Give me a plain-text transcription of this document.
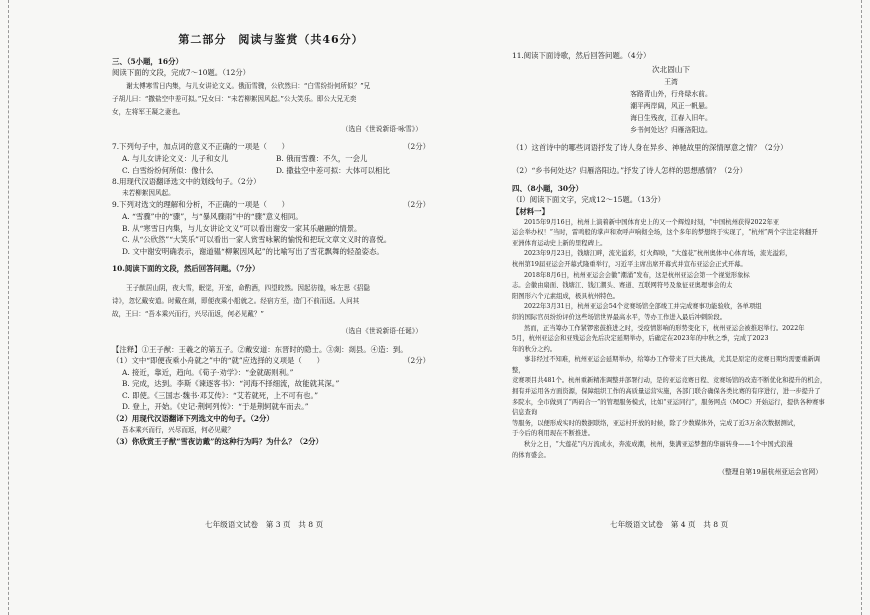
第二部分　阅读与鉴赏（共46分）

三、（5小题，16分）

阅读下面的文段，完成7～10题。（12分）

谢太傅寒雪日内集，与儿女讲论文义。俄而雪骤，公欣然曰：“白雪纷纷何所似？”兄

子胡儿曰：“撒盐空中差可拟。”兄女曰：“未若柳絮因风起。”公大笑乐。即公大兄无奕

女，左将军王凝之妻也。

（选自《世说新语·咏雪》）

7.下列句子中，加点词的意义不正确的一项是（　　）	（2分）

A. 与儿女讲论文义：儿子和女儿	B. 俄而雪骤：不久，一会儿
C. 白雪纷纷何所似：像什么	D. 撒盐空中差可拟：大体可以相比

8.用现代汉语翻译选文中的划线句子。（2分）

未若柳絮因风起。

9.下列对选文的理解和分析，不正确的一项是（　　）	（2分）

A. “雪骤”中的“骤”，与“暴风骤雨”中的“骤”意义相同。

B. 从“寒雪日内集，与儿女讲论文义”可以看出谢安一家其乐融融的情景。

C. 从“公欣然”“大笑乐”可以看出一家人赏雪咏絮的愉悦和把玩文章文义时的喜悦。

D. 文中谢安明确表示，谢道韫“柳絮因风起”的比喻写出了雪花飘舞的轻盈姿态。

10.阅读下面的文段，然后回答问题。（7分）

王子猷居山阴，夜大雪，眠觉，开室，命酌酒，四望皎然。因起彷徨，咏左思《招隐

诗》，忽忆戴安道。时戴在剡，即便夜乘小船就之。经宿方至，造门不前而返。人问其

故，王曰：“吾本乘兴而行，兴尽而返，何必见戴？”

（选自《世说新语·任诞》）

【注释】①王子猷：王羲之的第五子。②戴安道：东晋时的隐士。③剡：剡县。④造：到。

（1）文中“即便夜乘小舟就之”中的“就”应选择的义项是（　　）	（2分）

A. 接近，靠近，趋向。《荀子·劝学》：“金就砺则利。”

B. 完成，达到。李斯《谏逐客书》：“河海不择细流，故能就其深。”

C. 即使。《三国志·魏书·邓艾传》：“艾若就死，上不可有也。”

D. 登上，开始。《史记·荆轲列传》：“于是荆轲就车而去。”

（2）用现代汉语翻译下列选文中的句子。（2分）

吾本乘兴而行，兴尽而返，何必见戴？

（3）你欣赏王子猷“雪夜访戴”的这种行为吗？为什么？（2分）

11.阅读下面诗歌，然后回答问题。（4分）

次北固山下
王湾
客路青山外，行舟绿水前。
潮平两岸阔，风正一帆悬。
海日生残夜，江春入旧年。
乡书何处达？归雁洛阳边。

（1）这首诗中的哪些词语抒发了诗人身在异乡、神驰故里的深情厚意之情？（2分）

（2）“乡书何处达？归雁洛阳边。”抒发了诗人怎样的思想感情？（2分）

四、（8小题，30分）

（Ⅰ）阅读下面文字，完成12～15题。（13分）

【材料一】

2015年9月16日，杭州上演着新中国体育史上的又一个辉煌时刻，“中国杭州获得2022年亚

运会举办权！”当时，雷鸣般的掌声和欢呼声响彻全场，这个多年的梦想终于实现了，“杭州”两个字注定将翻开

亚洲体育运动史上新的里程碑上。

2023年9月23日，钱塘江畔，流光溢彩，灯火辉映，“大莲花”杭州奥体中心体育场，流光溢彩，

杭州第19届亚运会开幕式隆重举行，习近平主席出席开幕式并宣布亚运会正式开幕。

2018年8月6日，杭州亚运会会徽“潮涌”发布，这是杭州亚运会第一个视觉形象标

志。会徽由扇面、钱塘江、钱江潮头、赛道、互联网符号及象征亚奥理事会的太

阳图形六个元素组成，极具杭州特色。

2022年3月31日，杭州亚运会54个竞赛场馆全部竣工并完成赛事功能验收，各单项组

织的国际官员纷纷评价这些场馆世界最高水平，等办工作进入最后冲刺阶段。

然而，正当筹办工作紧锣密鼓推进之时，受疫情影响的形势变化下，杭州亚运会被推迟举行。2022年

5月，杭州亚运会和亚残运会先后决定延期举办，后确定在2023年的中秋之季，完成了2023

年的秋分之约。

事非经过不知难，杭州亚运会延期举办，给筹办工作带来了巨大挑战，尤其是原定的竞赛日期均需要重新调整，

竞赛项目共481个。杭州重新精准调整并部署行动，是的亚运竞赛日程、竞赛场馆的改造不断优化和提升的机会，

拥有并运用各方面资源，保障组织工作的高质量运营实施，各部门联合确保各类比赛的有序进行，进一步提升了

多院水，全市做到了“两码合一”的管理服务模式，比如“亚运同行”，服务网点（MOC）开始运行，提供各种赛事信息查询

等服务，以便形成实时的数据联络，亚运村开放的时候，除了少数媒体外，完成了近3万余次数据测试，

于今后的利用现在不断推进。

秋分之日，“大莲花”内万流成水，奔流成潮，杭州，集满亚运梦想的华丽转身——1个中国式浪漫

的体育盛会。

（整理自第19届杭州亚运会官网）

七年级语文试卷　第 3 页　共 8 页	七年级语文试卷　第 4 页　共 8 页
